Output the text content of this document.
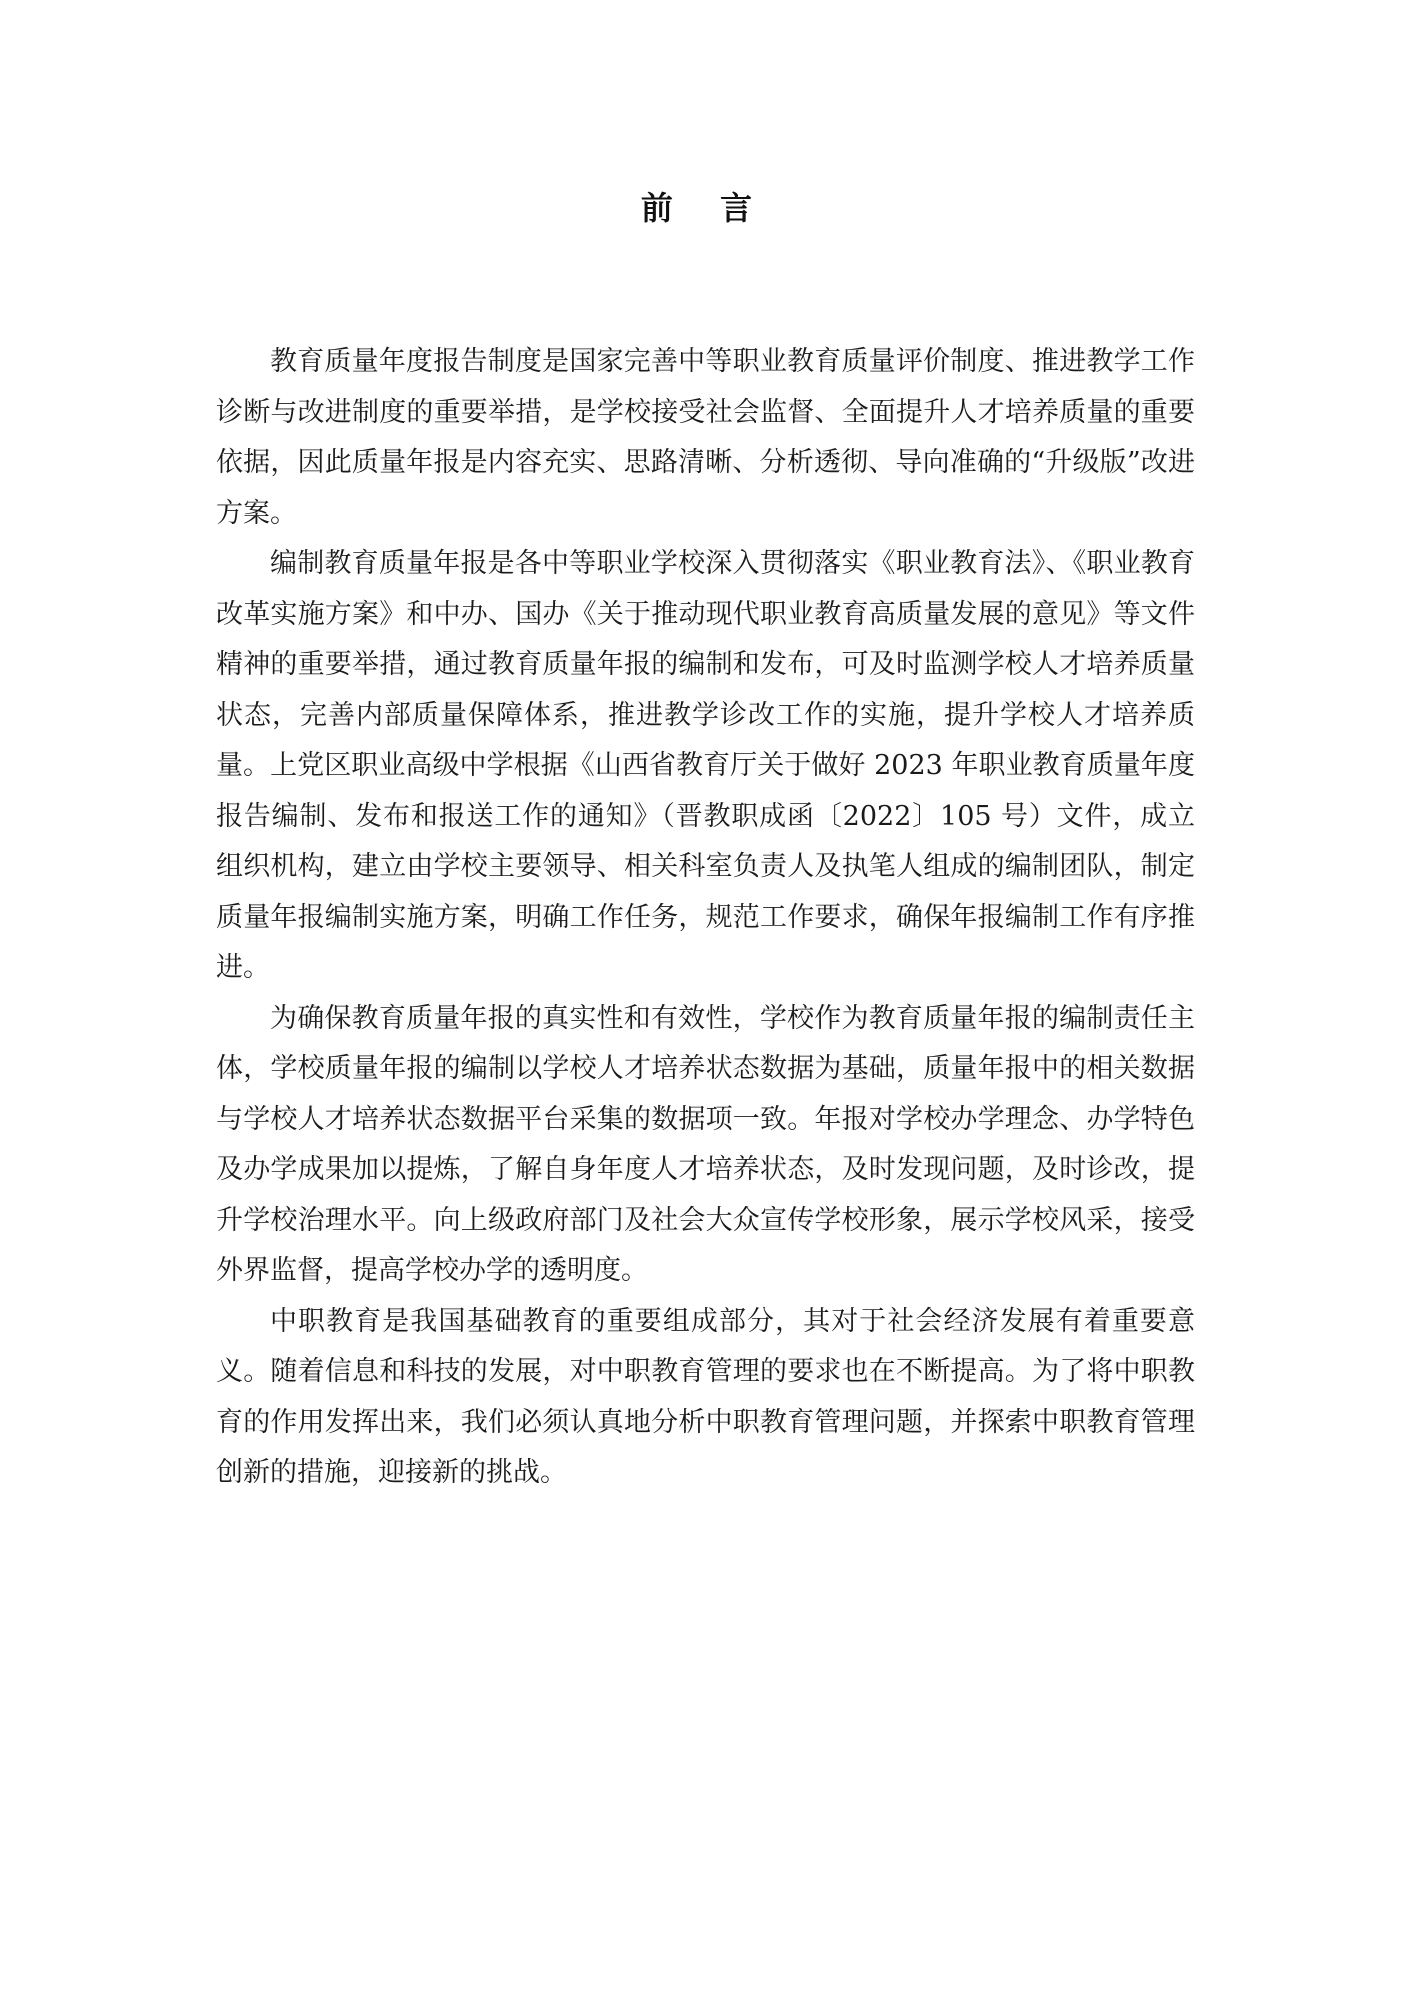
前 言

教育质量年度报告制度是国家完善中等职业教育质量评价制度、推进教学工作诊断与改进制度的重要举措，是学校接受社会监督、全面提升人才培养质量的重要依据，因此质量年报是内容充实、思路清晰、分析透彻、导向准确的“升级版”改进方案。

编制教育质量年报是各中等职业学校深入贯彻落实《职业教育法》、《职业教育改革实施方案》和中办、国办《关于推动现代职业教育高质量发展的意见》等文件精神的重要举措，通过教育质量年报的编制和发布，可及时监测学校人才培养质量状态，完善内部质量保障体系，推进教学诊改工作的实施，提升学校人才培养质量。上党区职业高级中学根据《山西省教育厅关于做好 2023 年职业教育质量年度报告编制、发布和报送工作的通知》（晋教职成函〔2022〕105 号）文件，成立组织机构，建立由学校主要领导、相关科室负责人及执笔人组成的编制团队，制定质量年报编制实施方案，明确工作任务，规范工作要求，确保年报编制工作有序推进。

为确保教育质量年报的真实性和有效性，学校作为教育质量年报的编制责任主体，学校质量年报的编制以学校人才培养状态数据为基础，质量年报中的相关数据与学校人才培养状态数据平台采集的数据项一致。年报对学校办学理念、办学特色及办学成果加以提炼，了解自身年度人才培养状态，及时发现问题，及时诊改，提升学校治理水平。向上级政府部门及社会大众宣传学校形象，展示学校风采，接受外界监督，提高学校办学的透明度。

中职教育是我国基础教育的重要组成部分，其对于社会经济发展有着重要意义。随着信息和科技的发展，对中职教育管理的要求也在不断提高。为了将中职教育的作用发挥出来，我们必须认真地分析中职教育管理问题，并探索中职教育管理创新的措施，迎接新的挑战。
